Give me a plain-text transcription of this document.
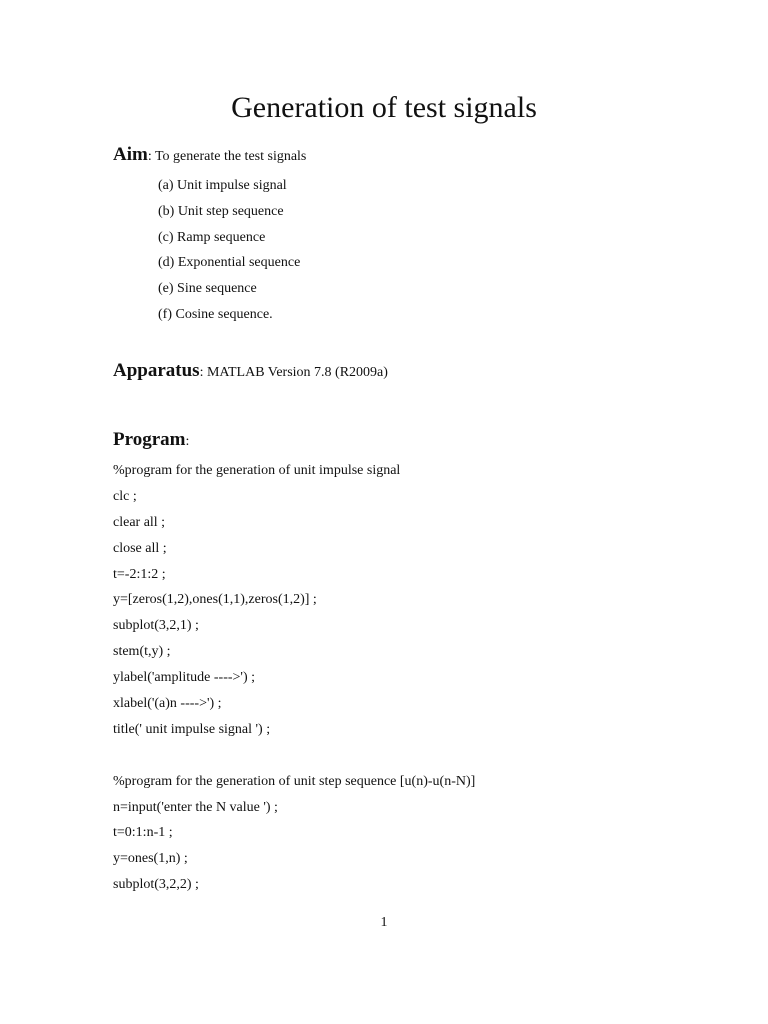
Generation of test signals
Aim: To generate the test signals
(a) Unit impulse signal
(b) Unit step sequence
(c) Ramp sequence
(d) Exponential sequence
(e) Sine sequence
(f) Cosine sequence.
Apparatus: MATLAB Version 7.8 (R2009a)
Program:
%program for the generation of unit impulse signal
clc ;
clear all ;
close all ;
t=-2:1:2 ;
y=[zeros(1,2),ones(1,1),zeros(1,2)] ;
subplot(3,2,1) ;
stem(t,y) ;
ylabel('amplitude ---->') ;
xlabel('(a)n ---->') ;
title(' unit impulse signal ') ;
%program for the generation of unit step sequence [u(n)-u(n-N)]
n=input('enter the N value ') ;
t=0:1:n-1 ;
y=ones(1,n) ;
subplot(3,2,2) ;
1
